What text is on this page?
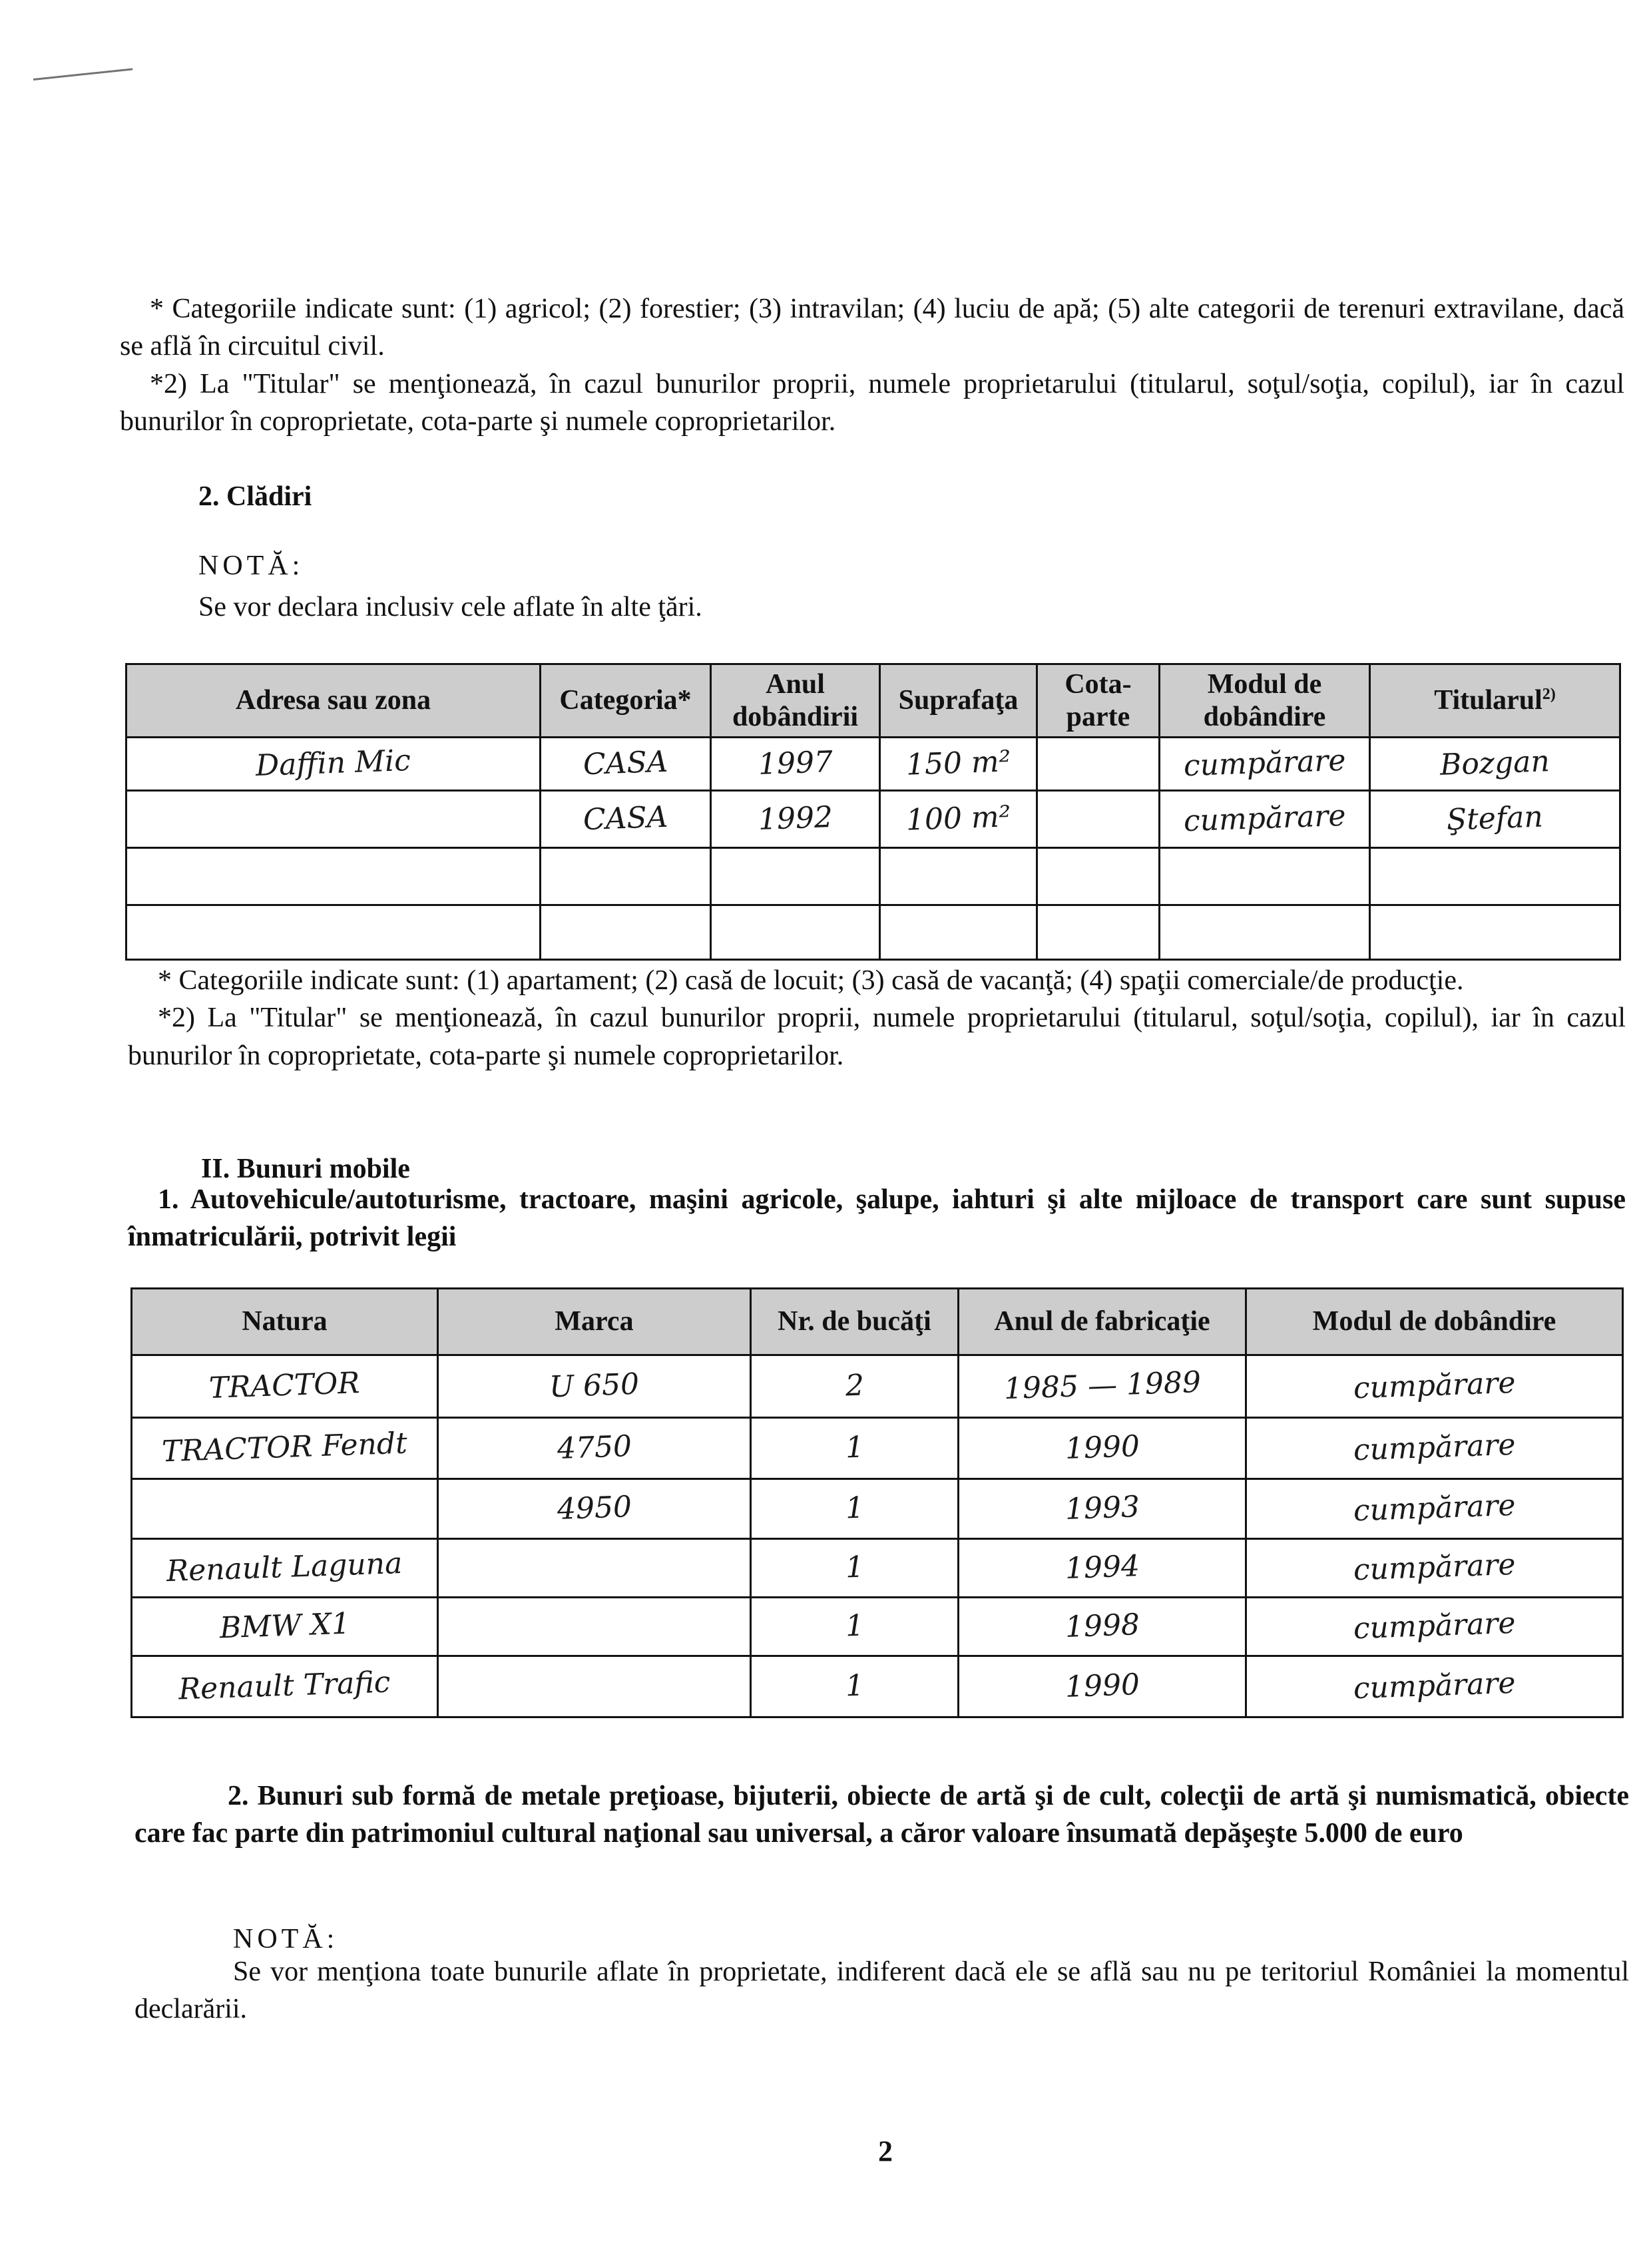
* Categoriile indicate sunt: (1) agricol; (2) forestier; (3) intravilan; (4) luciu de apă; (5) alte categorii de terenuri extravilane, dacă se află în circuitul civil.

*2) La "Titular" se menţionează, în cazul bunurilor proprii, numele proprietarului (titularul, soţul/soţia, copilul), iar în cazul bunurilor în coproprietate, cota-parte şi numele coproprietarilor.

2. Clădiri
NOTĂ:
Se vor declara inclusiv cele aflate în alte ţări.
Adresa sau zona	Categoria*	Anul dobândirii	Suprafaţa	Cota-parte	Modul de dobândire	Titularul$^{2)}$
Daffin Mic	CASA	1997	150 m²		cumpărare	Bozgan
	CASA	1992	100 m²		cumpărare	Ştefan

* Categoriile indicate sunt: (1) apartament; (2) casă de locuit; (3) casă de vacanţă; (4) spaţii comerciale/de producţie.

*2) La "Titular" se menţionează, în cazul bunurilor proprii, numele proprietarului (titularul, soţul/soţia, copilul), iar în cazul bunurilor în coproprietate, cota-parte şi numele coproprietarilor.

II. Bunuri mobile

1. Autovehicule/autoturisme, tractoare, maşini agricole, şalupe, iahturi şi alte mijloace de transport care sunt supuse înmatriculării, potrivit legii

Natura	Marca	Nr. de bucăţi	Anul de fabricaţie	Modul de dobândire
TRACTOR	U 650	2	1985 — 1989	cumpărare
TRACTOR Fendt	4750	1	1990	cumpărare
	4950	1	1993	cumpărare
Renault Laguna		1	1994	cumpărare
BMW X1		1	1998	cumpărare
Renault Trafic		1	1990	cumpărare

2. Bunuri sub formă de metale preţioase, bijuterii, obiecte de artă şi de cult, colecţii de artă şi numismatică, obiecte care fac parte din patrimoniul cultural naţional sau universal, a căror valoare însumată depăşeşte 5.000 de euro

NOTĂ:

Se vor menţiona toate bunurile aflate în proprietate, indiferent dacă ele se află sau nu pe teritoriul României la momentul declarării.

2
